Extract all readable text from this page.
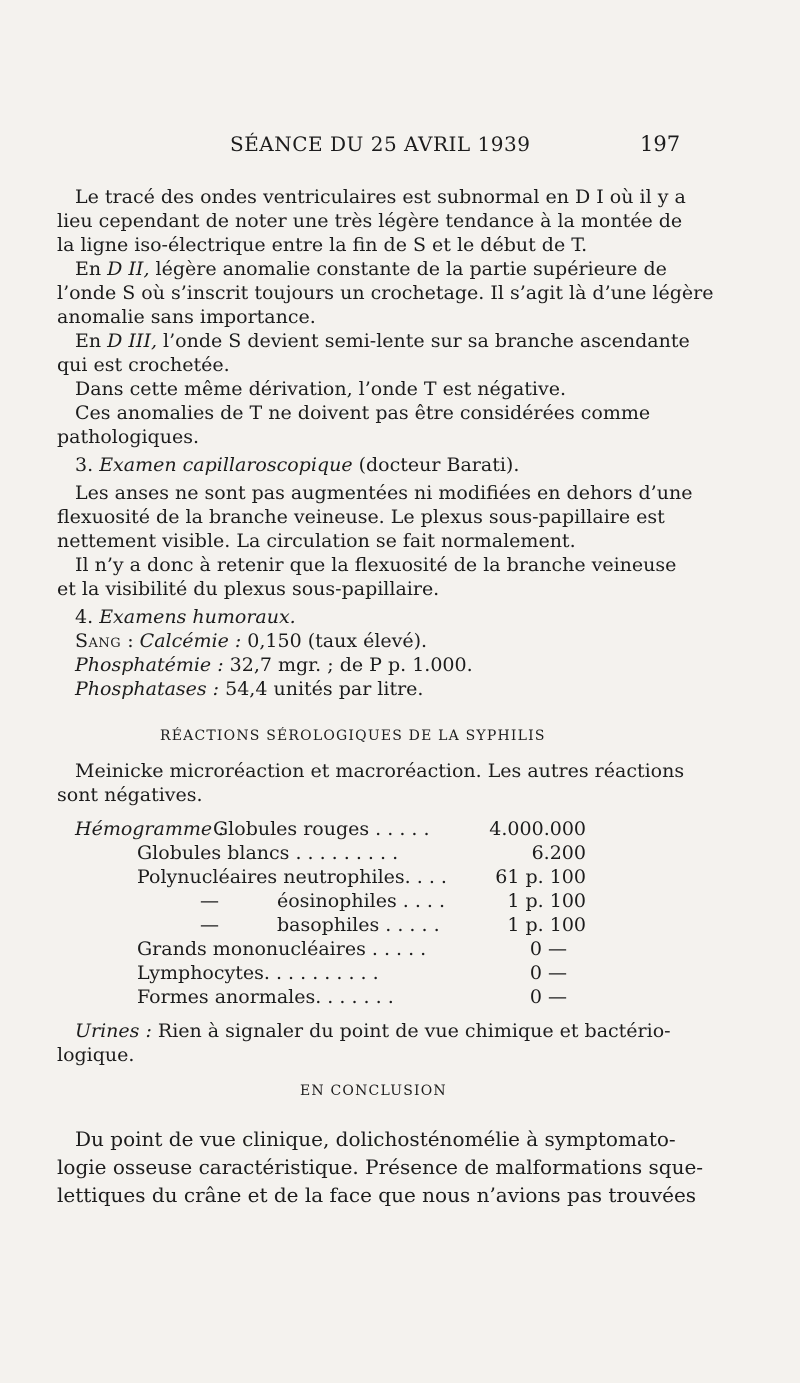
SÉANCE DU 25 AVRIL 1939	197
Le tracé des ondes ventriculaires est subnormal en D I où il y a
lieu cependant de noter une très légère tendance à la montée de
la ligne iso-électrique entre la fin de S et le début de T.
En D II, légère anomalie constante de la partie supérieure de
l’onde S où s’inscrit toujours un crochetage. Il s’agit là d’une légère
anomalie sans importance.
En D III, l’onde S devient semi-lente sur sa branche ascendante
qui est crochetée.
Dans cette même dérivation, l’onde T est négative.
Ces anomalies de T ne doivent pas être considérées comme
pathologiques.
3. Examen capillaroscopique (docteur Barati).
Les anses ne sont pas augmentées ni modifiées en dehors d’une
flexuosité de la branche veineuse. Le plexus sous-papillaire est
nettement visible. La circulation se fait normalement.
Il n’y a donc à retenir que la flexuosité de la branche veineuse
et la visibilité du plexus sous-papillaire.
4. Examens humoraux.
Sang : Calcémie : 0,150 (taux élevé).
Phosphatémie : 32,7 mgr. ; de P p. 1.000.
Phosphatases : 54,4 unités par litre.
RÉACTIONS SÉROLOGIQUES DE LA SYPHILIS
Meinicke microréaction et macroréaction. Les autres réactions
sont négatives.
Hémogramme :
Globules rouges . . . . .	4.000.000
Globules blancs . . . . . . . . .	6.200
Polynucléaires neutrophiles. . . .	61 p. 100
—	éosinophiles . . . .	1 p. 100
—	basophiles . . . . .	1 p. 100
Grands mononucléaires . . . . .	0 —
Lymphocytes. . . . . . . . . .	0 —
Formes anormales. . . . . . .	0 —
Urines : Rien à signaler du point de vue chimique et bactério-
logique.
EN CONCLUSION
Du point de vue clinique, dolichosténomélie à symptomato-
logie osseuse caractéristique. Présence de malformations sque-
lettiques du crâne et de la face que nous n’avions pas trouvées
